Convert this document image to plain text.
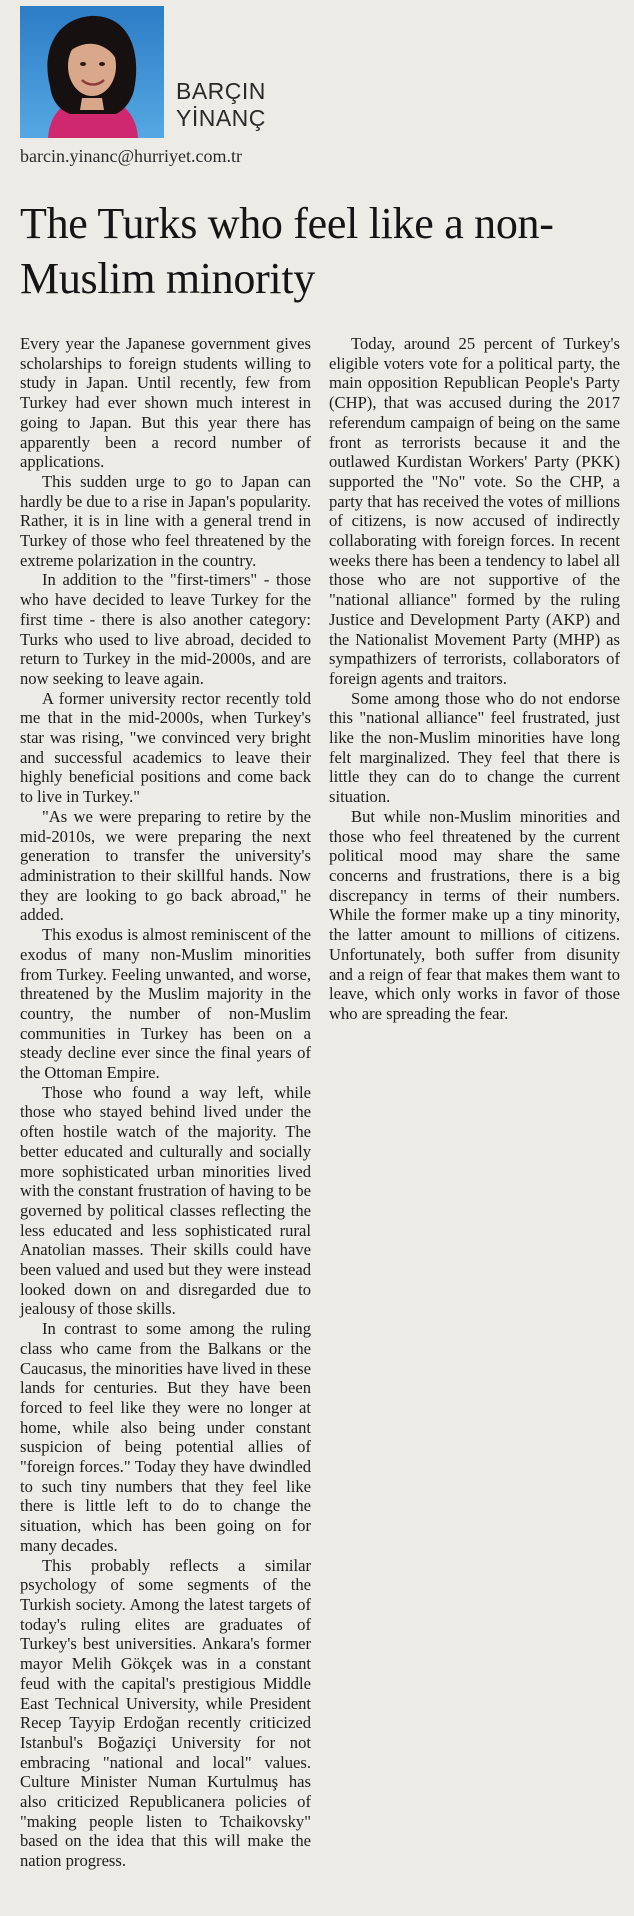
BARÇIN
YİNANÇ
barcin.yinanc@hurriyet.com.tr
The Turks who feel like a non-Muslim minority

Every year the Japanese government gives scholarships to foreign students willing to study in Japan. Until recently, few from Turkey had ever shown much interest in going to Japan. But this year there has apparently been a record number of applications.

This sudden urge to go to Japan can hardly be due to a rise in Japan's popularity. Rather, it is in line with a general trend in Turkey of those who feel threatened by the extreme polarization in the country.

In addition to the "first-timers" - those who have decided to leave Turkey for the first time - there is also another category: Turks who used to live abroad, decided to return to Turkey in the mid-2000s, and are now seeking to leave again.

A former university rector recently told me that in the mid-2000s, when Turkey's star was rising, "we convinced very bright and successful academics to leave their highly beneficial positions and come back to live in Turkey."

"As we were preparing to retire by the mid-2010s, we were preparing the next generation to transfer the university's administration to their skillful hands. Now they are looking to go back abroad," he added.

This exodus is almost reminiscent of the exodus of many non-Muslim minorities from Turkey. Feeling unwanted, and worse, threatened by the Muslim majority in the country, the number of non-Muslim communities in Turkey has been on a steady decline ever since the final years of the Ottoman Empire.

Those who found a way left, while those who stayed behind lived under the often hostile watch of the majority. The better educated and culturally and socially more sophisticated urban minorities lived with the constant frustration of having to be governed by political classes reflecting the less educated and less sophisticated rural Anatolian masses. Their skills could have been valued and used but they were instead looked down on and disregarded due to jealousy of those skills.

In contrast to some among the ruling class who came from the Balkans or the Caucasus, the minorities have lived in these lands for centuries. But they have been forced to feel like they were no longer at home, while also being under constant suspicion of being potential allies of "foreign forces." Today they have dwindled to such tiny numbers that they feel like there is little left to do to change the situation, which has been going on for many decades.

This probably reflects a similar psychology of some segments of the Turkish society. Among the latest targets of today's ruling elites are graduates of Turkey's best universities. Ankara's former mayor Melih Gökçek was in a constant feud with the capital's prestigious Middle East Technical University, while President Recep Tayyip Erdoğan recently criticized Istanbul's Boğaziçi University for not embracing "national and local" values. Culture Minister Numan Kurtulmuş has also criticized Republicanera policies of "making people listen to Tchaikovsky" based on the idea that this will make the nation progress.

Today, around 25 percent of Turkey's eligible voters vote for a political party, the main opposition Republican People's Party (CHP), that was accused during the 2017 referendum campaign of being on the same front as terrorists because it and the outlawed Kurdistan Workers' Party (PKK) supported the "No" vote. So the CHP, a party that has received the votes of millions of citizens, is now accused of indirectly collaborating with foreign forces. In recent weeks there has been a tendency to label all those who are not supportive of the "national alliance" formed by the ruling Justice and Development Party (AKP) and the Nationalist Movement Party (MHP) as sympathizers of terrorists, collaborators of foreign agents and traitors.

Some among those who do not endorse this "national alliance" feel frustrated, just like the non-Muslim minorities have long felt marginalized. They feel that there is little they can do to change the current situation.

But while non-Muslim minorities and those who feel threatened by the current political mood may share the same concerns and frustrations, there is a big discrepancy in terms of their numbers. While the former make up a tiny minority, the latter amount to millions of citizens. Unfortunately, both suffer from disunity and a reign of fear that makes them want to leave, which only works in favor of those who are spreading the fear.
